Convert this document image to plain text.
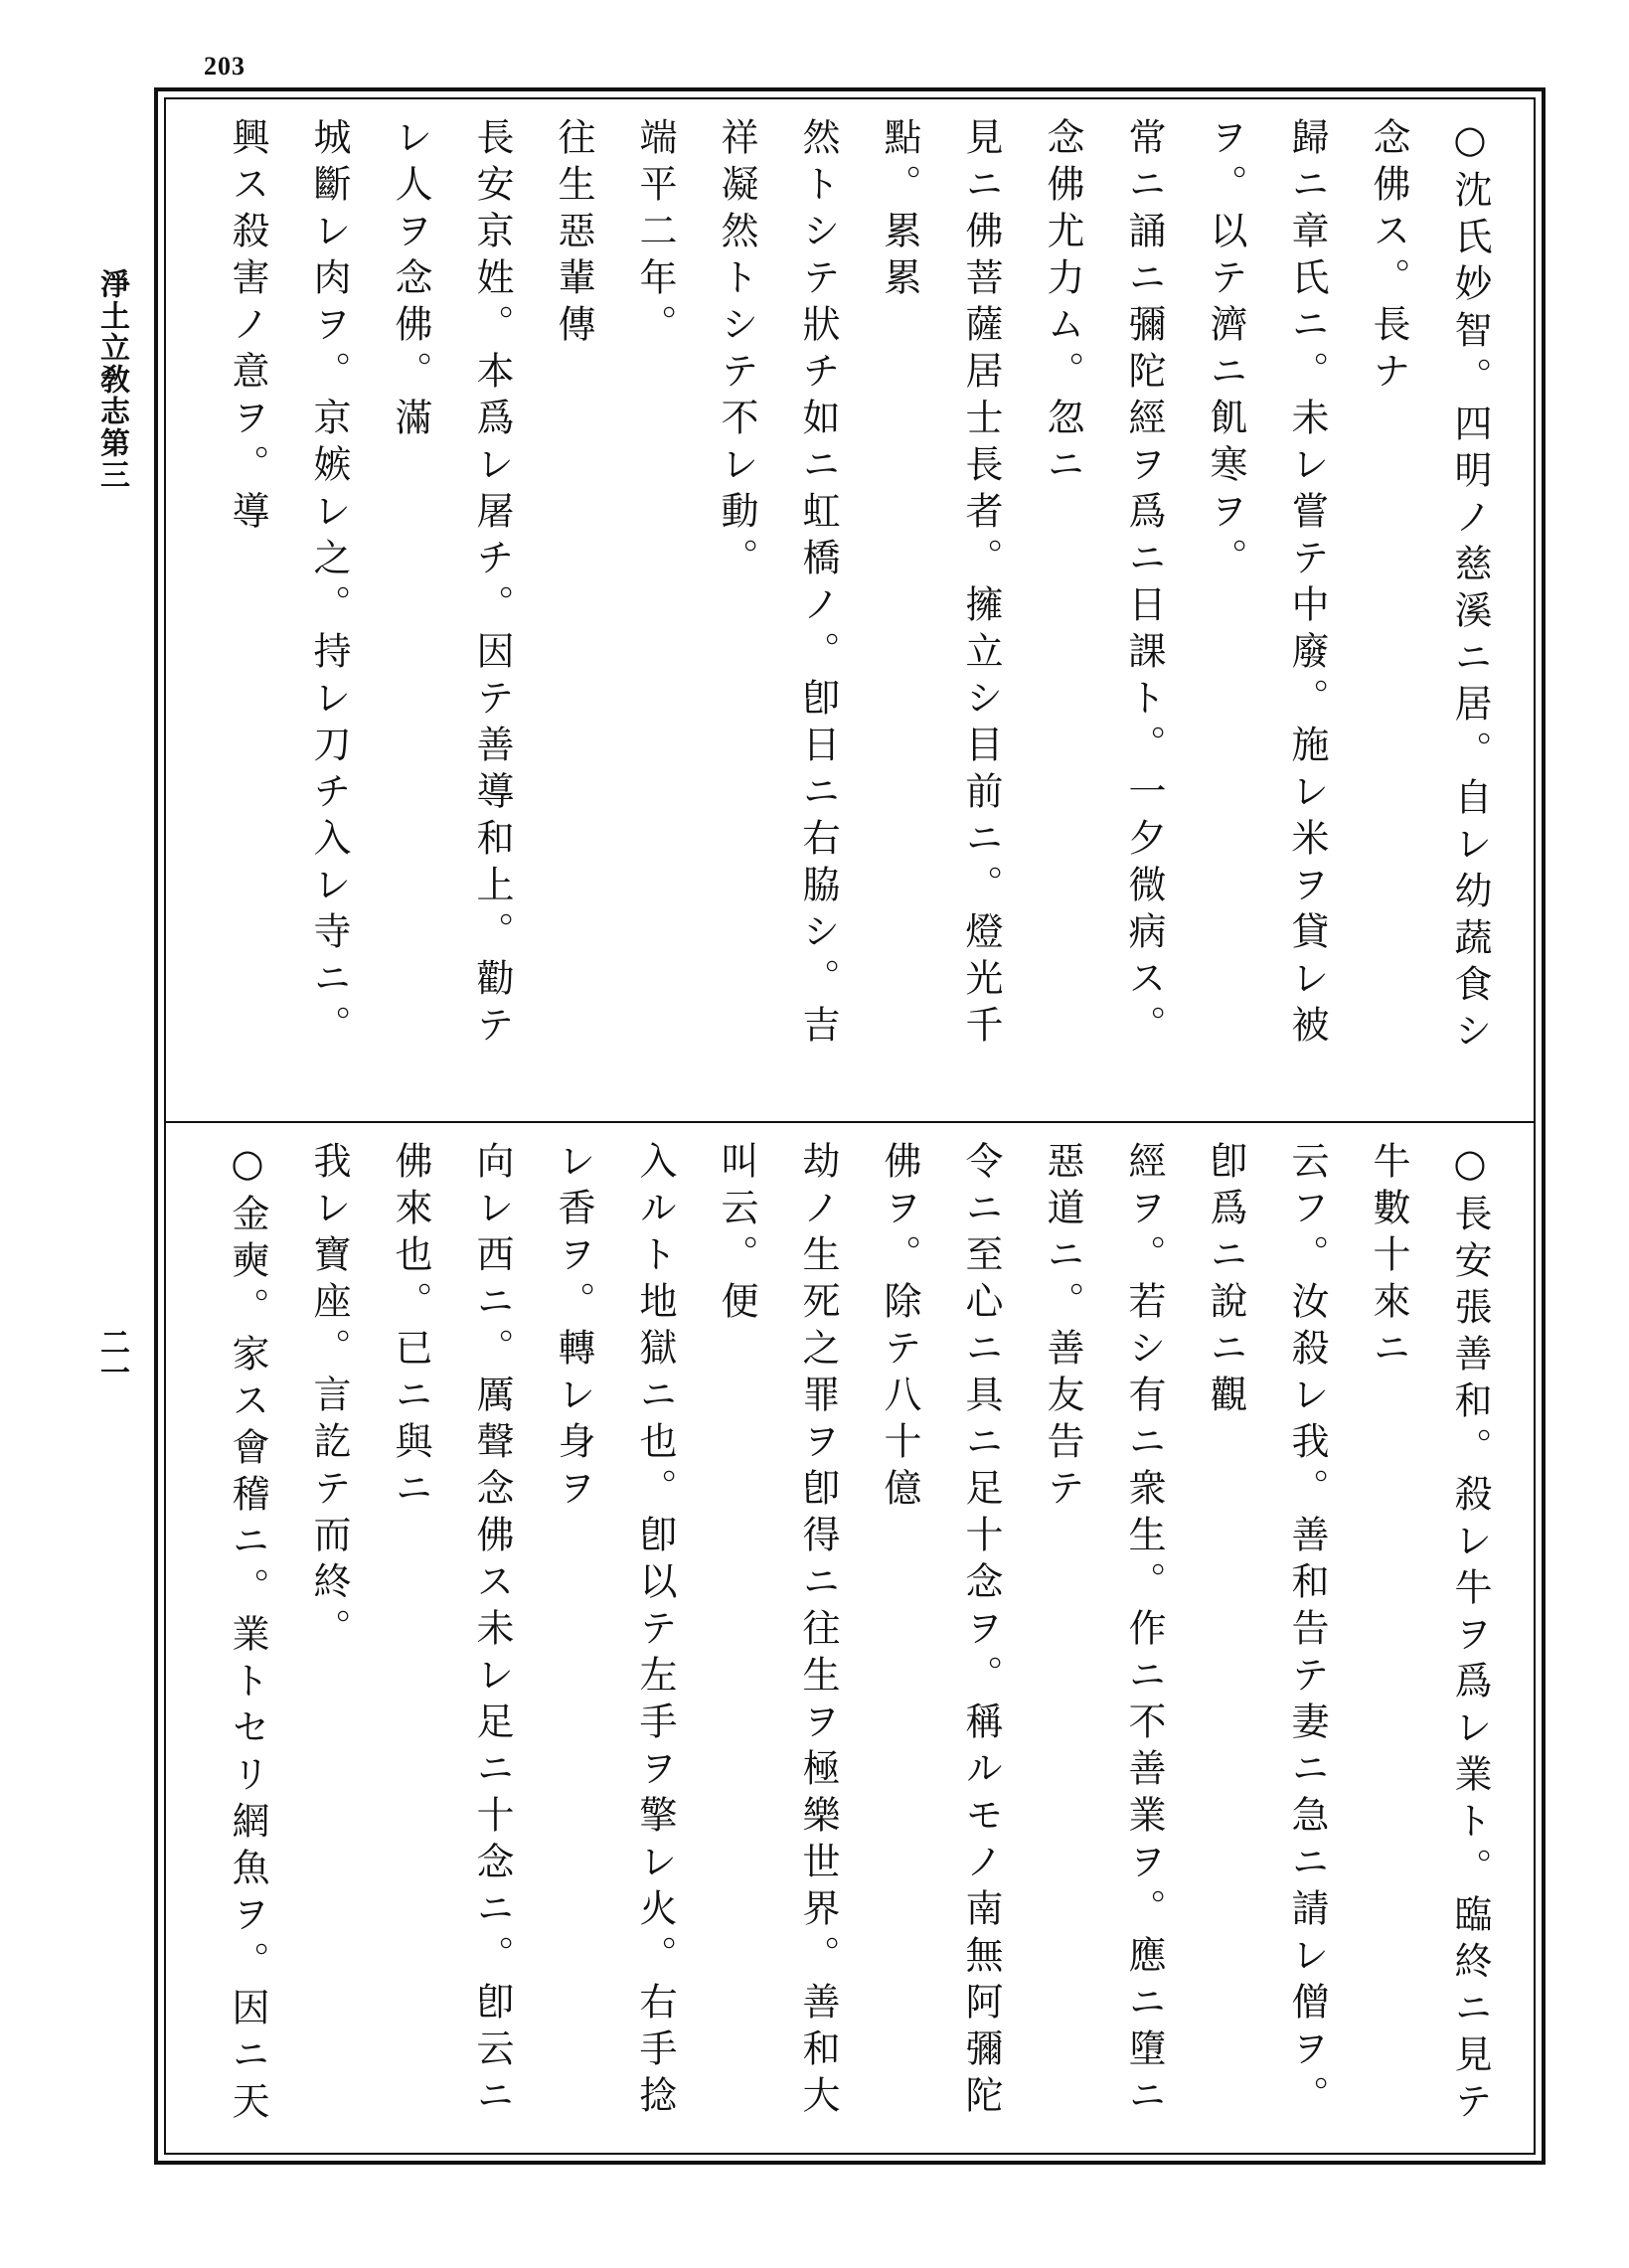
203
淨土立敎志第三
二一
○沈氏妙智。四明ノ慈溪ニ居。自レ幼蔬食シ念佛ス。長ナ
歸ニ章氏ニ。未レ嘗テ中廢。施レ米ヲ貸レ被ヲ。以テ濟ニ飢寒ヲ。
常ニ誦ニ彌陀經ヲ爲ニ日課ト。一夕微病ス。念佛尤力ム。忽ニ
見ニ佛菩薩居士長者。擁立シ目前ニ。燈光千點。累累
然トシテ狀チ如ニ虹橋ノ。卽日ニ右脇シ。吉祥凝然トシテ不レ動。
端平二年。
往生惡輩傳
長安京姓。本爲レ屠チ。因テ善導和上。勸テレ人ヲ念佛。滿
城斷レ肉ヲ。京嫉レ之。持レ刀チ入レ寺ニ。興ス殺害ノ意ヲ。導
○長安張善和。殺レ牛ヲ爲レ業ト。臨終ニ見テ牛數十來ニ
云フ。汝殺レ我。善和告テ妻ニ急ニ請レ僧ヲ。卽爲ニ說ニ觀
經ヲ。若シ有ニ衆生。作ニ不善業ヲ。應ニ墮ニ惡道ニ。善友告テ
令ニ至心ニ具ニ足十念ヲ。稱ルモノ南無阿彌陀佛ヲ。除テ八十億
劫ノ生死之罪ヲ卽得ニ往生ヲ極樂世界。善和大叫云。便
入ルト地獄ニ也。卽以テ左手ヲ擎レ火。右手捻レ香ヲ。轉レ身ヲ
向レ西ニ。厲聲念佛ス未レ足ニ十念ニ。卽云ニ佛來也。已ニ與ニ
我レ寶座。言訖テ而終。
○金奭。家ス會稽ニ。業トセリ網魚ヲ。因ニ天
